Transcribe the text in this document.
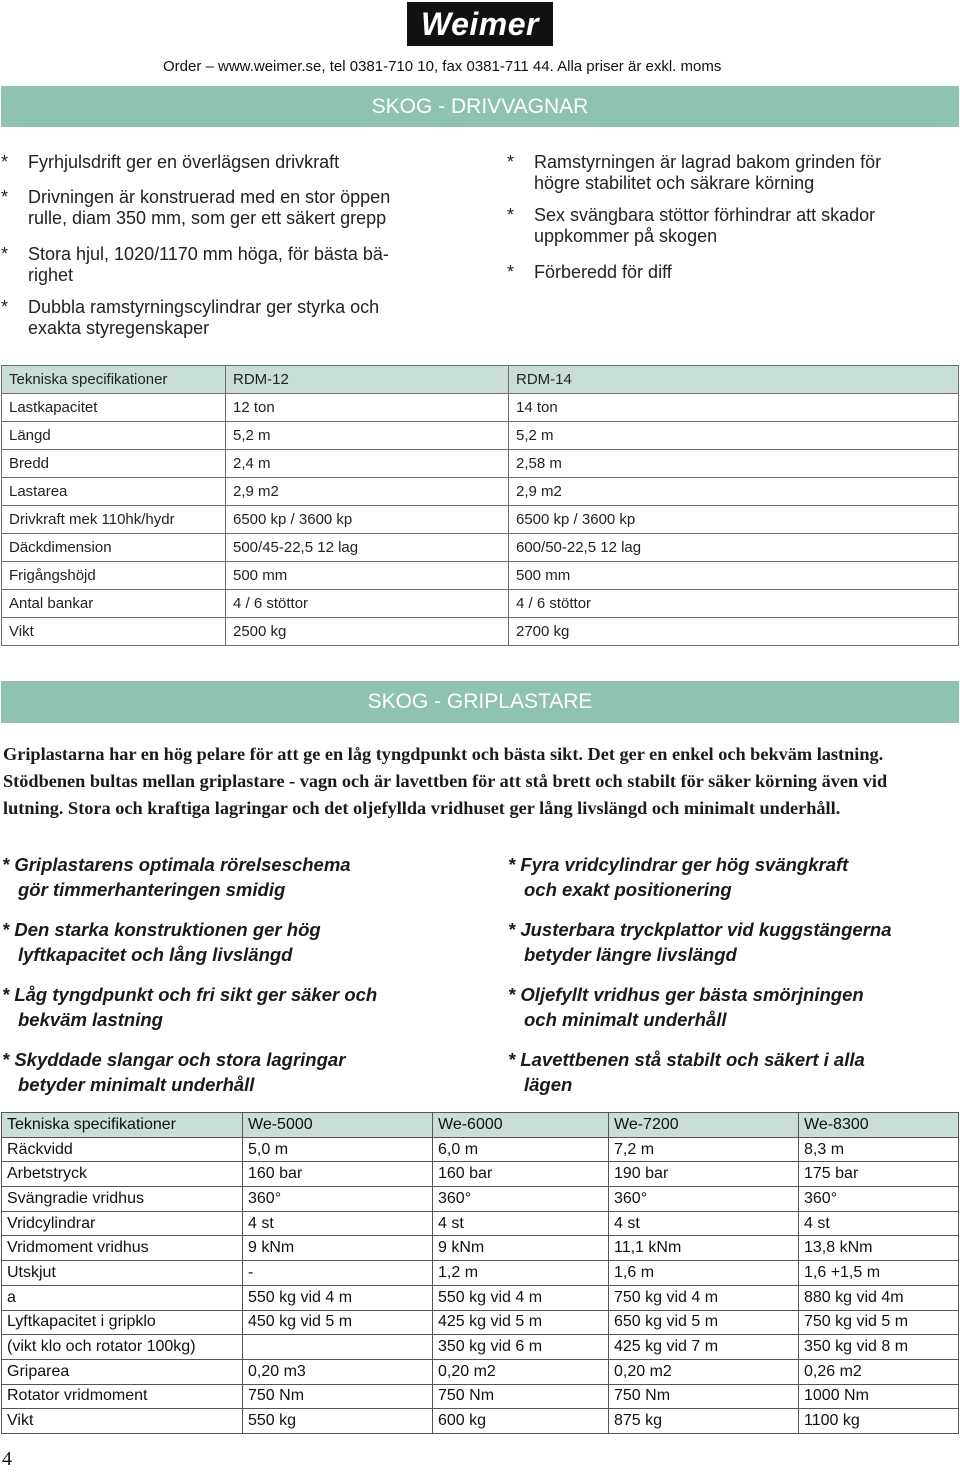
Weimer
Order – www.weimer.se, tel 0381-710 10, fax 0381-711 44. Alla priser är exkl. moms
SKOG - DRIVVAGNAR
* Fyrhjulsdrift ger en överlägsen drivkraft
* Drivningen är konstruerad med en stor öppen
rulle, diam 350 mm, som ger ett säkert grepp
* Stora hjul, 1020/1170 mm höga, för bästa bä-
righet
* Dubbla ramstyrningscylindrar ger styrka och
exakta styregenskaper
* Ramstyrningen är lagrad bakom grinden för
högre stabilitet och säkrare körning
* Sex svängbara stöttor förhindrar att skador
uppkommer på skogen
* Förberedd för diff
Tekniska specifikationer	RDM-12	RDM-14
Lastkapacitet	12 ton	14 ton
Längd	5,2 m	5,2 m
Bredd	2,4 m	2,58 m
Lastarea	2,9 m2	2,9 m2
Drivkraft mek 110hk/hydr	6500 kp / 3600 kp	6500 kp / 3600 kp
Däckdimension	500/45-22,5 12 lag	600/50-22,5 12 lag
Frigångshöjd	500 mm	500 mm
Antal bankar	4 / 6 stöttor	4 / 6 stöttor
Vikt	2500 kg	2700 kg
SKOG - GRIPLASTARE
Griplastarna har en hög pelare för att ge en låg tyngdpunkt och bästa sikt. Det ger en enkel och bekväm lastning.
Stödbenen bultas mellan griplastare - vagn och är lavettben för att stå brett och stabilt för säker körning även vid
lutning. Stora och kraftiga lagringar och det oljefyllda vridhuset ger lång livslängd och minimalt underhåll.
* Griplastarens optimala rörelseschema
gör timmerhanteringen smidig
* Den starka konstruktionen ger hög
lyftkapacitet och lång livslängd
* Låg tyngdpunkt och fri sikt ger säker och
bekväm lastning
* Skyddade slangar och stora lagringar
betyder minimalt underhåll
* Fyra vridcylindrar ger hög svängkraft
och exakt positionering
* Justerbara tryckplattor vid kuggstängerna
betyder längre livslängd
* Oljefyllt vridhus ger bästa smörjningen
och minimalt underhåll
* Lavettbenen stå stabilt och säkert i alla
lägen
Tekniska specifikationer	We-5000	We-6000	We-7200	We-8300
Räckvidd	5,0 m	6,0 m	7,2 m	8,3 m
Arbetstryck	160 bar	160 bar	190 bar	175 bar
Svängradie vridhus	360°	360°	360°	360°
Vridcylindrar	4 st	4 st	4 st	4 st
Vridmoment vridhus	9 kNm	9 kNm	11,1 kNm	13,8 kNm
Utskjut	-	1,2 m	1,6 m	1,6 +1,5 m
a	550 kg vid 4 m	550 kg vid 4 m	750 kg vid 4 m	880 kg vid 4m
Lyftkapacitet i gripklo	450 kg vid 5 m	425 kg vid 5 m	650 kg vid 5 m	750 kg vid 5 m
(vikt klo och rotator 100kg)		350 kg vid 6 m	425 kg vid 7 m	350 kg vid 8 m
Griparea	0,20 m3	0,20 m2	0,20 m2	0,26 m2
Rotator vridmoment	750 Nm	750 Nm	750 Nm	1000 Nm
Vikt	550 kg	600 kg	875 kg	1100 kg
4
